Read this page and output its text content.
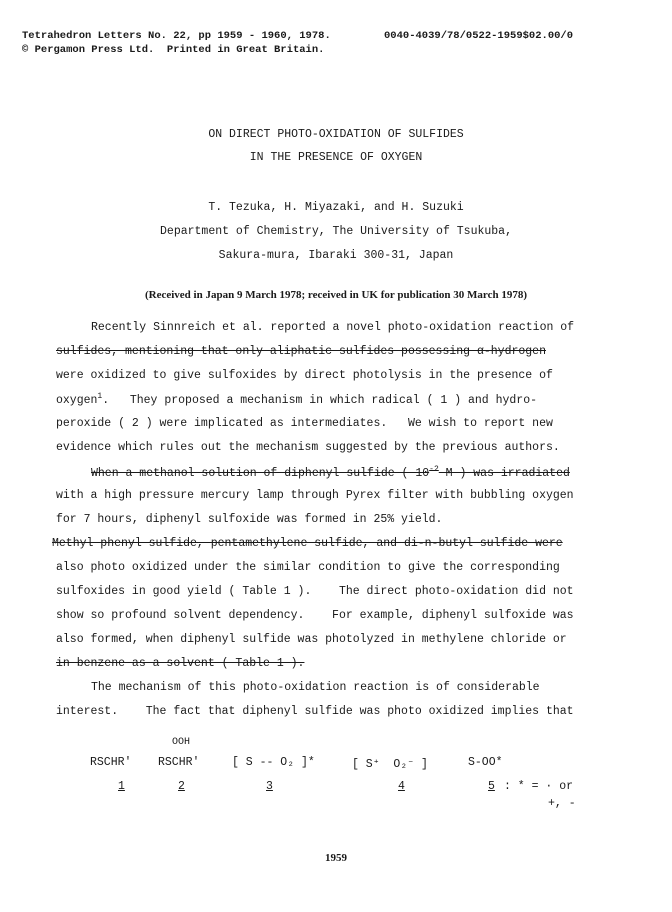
Tetrahedron Letters No. 22, pp 1959 - 1960, 1978.	0040-4039/78/0522-1959$02.00/0
© Pergamon Press Ltd.  Printed in Great Britain.
ON DIRECT PHOTO-OXIDATION OF SULFIDES
IN THE PRESENCE OF OXYGEN
T. Tezuka, H. Miyazaki, and H. Suzuki
Department of Chemistry, The University of Tsukuba,
Sakura-mura, Ibaraki 300-31, Japan
(Received in Japan 9 March 1978; received in UK for publication 30 March 1978)
Recently Sinnreich et al. reported a novel photo-oxidation reaction of
sulfides, mentioning that only aliphatic sulfides possessing α-hydrogen
were oxidized to give sulfoxides by direct photolysis in the presence of
oxygen$^1$.   They proposed a mechanism in which radical ( 1 ) and hydro-
peroxide ( 2 ) were implicated as intermediates.   We wish to report new
evidence which rules out the mechanism suggested by the previous authors.
When a methanol solution of diphenyl sulfide ( $10^{-2}$ M ) was irradiated
with a high pressure mercury lamp through Pyrex filter with bubbling oxygen
for 7 hours, diphenyl sulfoxide was formed in 25% yield.
Methyl phenyl sulfide, pentamethylene sulfide, and di-n-butyl sulfide were
also photo oxidized under the similar condition to give the corresponding
sulfoxides in good yield ( Table 1 ).    The direct photo-oxidation did not
show so profound solvent dependency.    For example, diphenyl sulfoxide was
also formed, when diphenyl sulfide was photolyzed in methylene chloride or
in benzene as a solvent ( Table 1 ).
The mechanism of this photo-oxidation reaction is of considerable
interest.    The fact that diphenyl sulfide was photo oxidized implies that
RSCHR'
OOH
RSCHR'	[ S -- O₂ ]*	[ S⁺  O₂⁻ ]	S-OO*
1	2	3	4	5 : * = · or
+, -
1959
